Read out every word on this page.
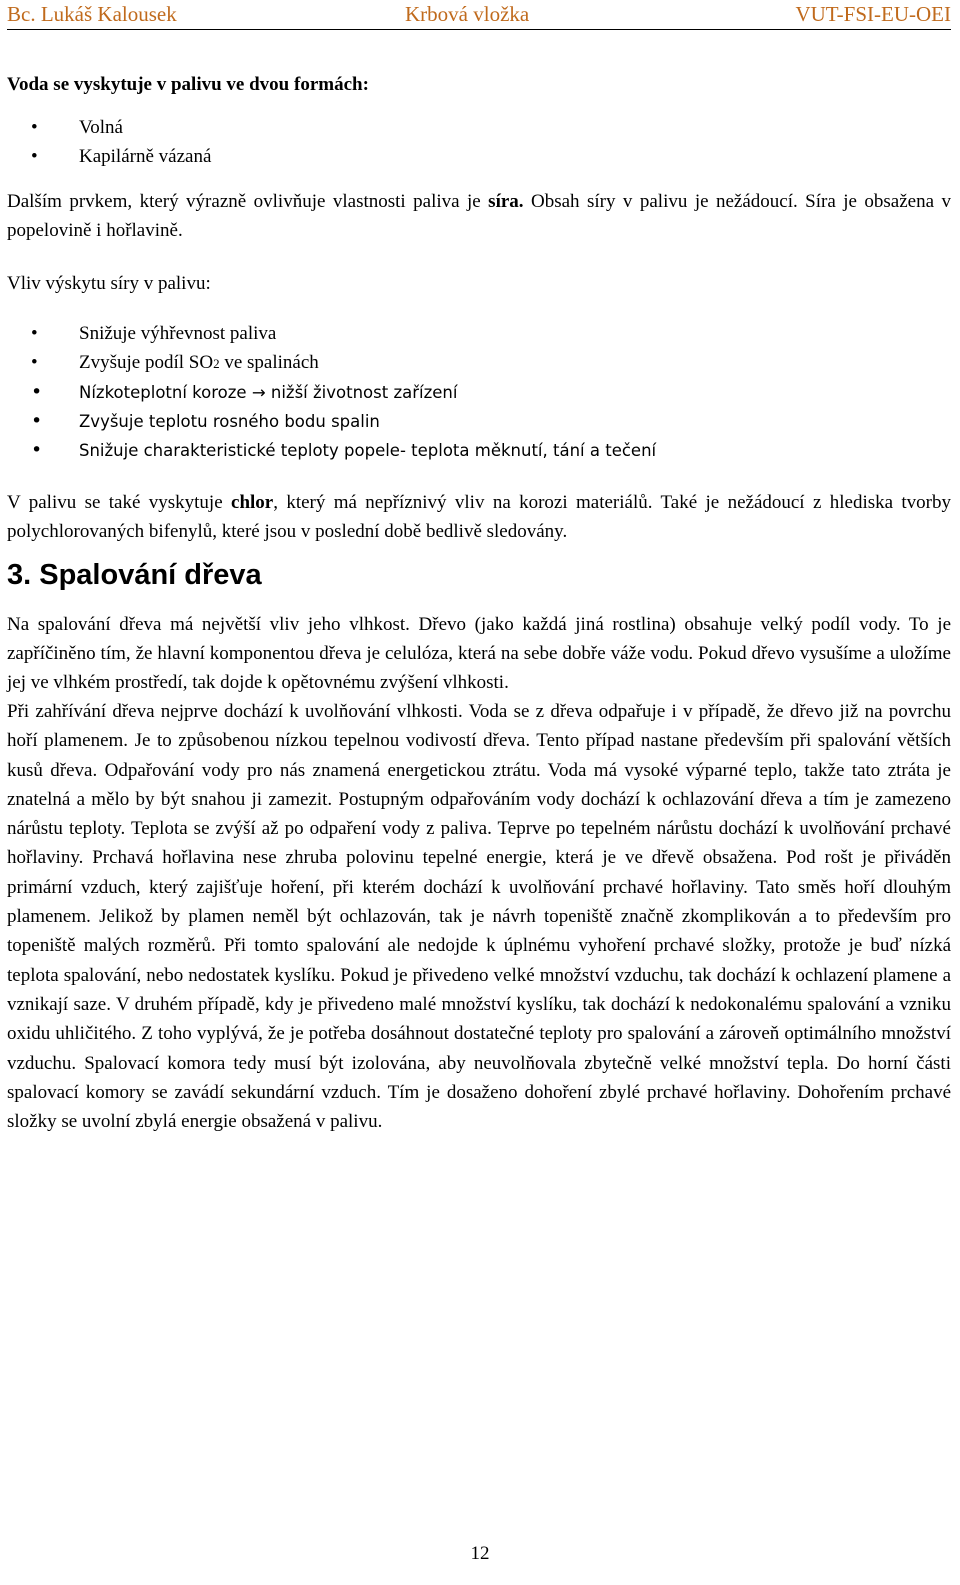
Bc. Lukáš Kalousek	Krbová vložka	VUT-FSI-EU-OEI

Voda se vyskytuje v palivu ve dvou formách:

• Volná
• Kapilárně vázaná

Dalším prvkem, který výrazně ovlivňuje vlastnosti paliva je síra. Obsah síry v palivu je nežádoucí. Síra je obsažena v popelovině i hořlavině.

Vliv výskytu síry v palivu:

• Snižuje výhřevnost paliva
• Zvyšuje podíl SO2 ve spalinách
• Nízkoteplotní koroze → nižší životnost zařízení
• Zvyšuje teplotu rosného bodu spalin
• Snižuje charakteristické teploty popele- teplota měknutí, tání a tečení

V palivu se také vyskytuje chlor, který má nepříznivý vliv na korozi materiálů. Také je nežádoucí z hlediska tvorby polychlorovaných bifenylů, které jsou v poslední době bedlivě sledovány.

3. Spalování dřeva

Na spalování dřeva má největší vliv jeho vlhkost. Dřevo (jako každá jiná rostlina) obsahuje velký podíl vody. To je zapříčiněno tím, že hlavní komponentou dřeva je celulóza, která na sebe dobře váže vodu. Pokud dřevo vysušíme a uložíme jej ve vlhkém prostředí, tak dojde k opětovnému zvýšení vlhkosti.

Při zahřívání dřeva nejprve dochází k uvolňování vlhkosti. Voda se z dřeva odpařuje i v případě, že dřevo již na povrchu hoří plamenem. Je to způsobenou nízkou tepelnou vodivostí dřeva. Tento případ nastane především při spalování větších kusů dřeva. Odpařování vody pro nás znamená energetickou ztrátu. Voda má vysoké výparné teplo, takže tato ztráta je znatelná a mělo by být snahou ji zamezit. Postupným odpařováním vody dochází k ochlazování dřeva a tím je zamezeno nárůstu teploty. Teplota se zvýší až po odpaření vody z paliva. Teprve po tepelném nárůstu dochází k uvolňování prchavé hořlaviny. Prchavá hořlavina nese zhruba polovinu tepelné energie, která je ve dřevě obsažena. Pod rošt je přiváděn primární vzduch, který zajišťuje hoření, při kterém dochází k uvolňování prchavé hořlaviny. Tato směs hoří dlouhým plamenem. Jelikož by plamen neměl být ochlazován, tak je návrh topeniště značně zkomplikován a to především pro topeniště malých rozměrů. Při tomto spalování ale nedojde k úplnému vyhoření prchavé složky, protože je buď nízká teplota spalování, nebo nedostatek kyslíku. Pokud je přivedeno velké množství vzduchu, tak dochází k ochlazení plamene a vznikají saze. V druhém případě, kdy je přivedeno malé množství kyslíku, tak dochází k nedokonalému spalování a vzniku oxidu uhličitého. Z toho vyplývá, že je potřeba dosáhnout dostatečné teploty pro spalování a zároveň optimálního množství vzduchu. Spalovací komora tedy musí být izolována, aby neuvolňovala zbytečně velké množství tepla. Do horní části spalovací komory se zavádí sekundární vzduch. Tím je dosaženo dohoření zbylé prchavé hořlaviny. Dohořením prchavé složky se uvolní zbylá energie obsažená v palivu.

12
